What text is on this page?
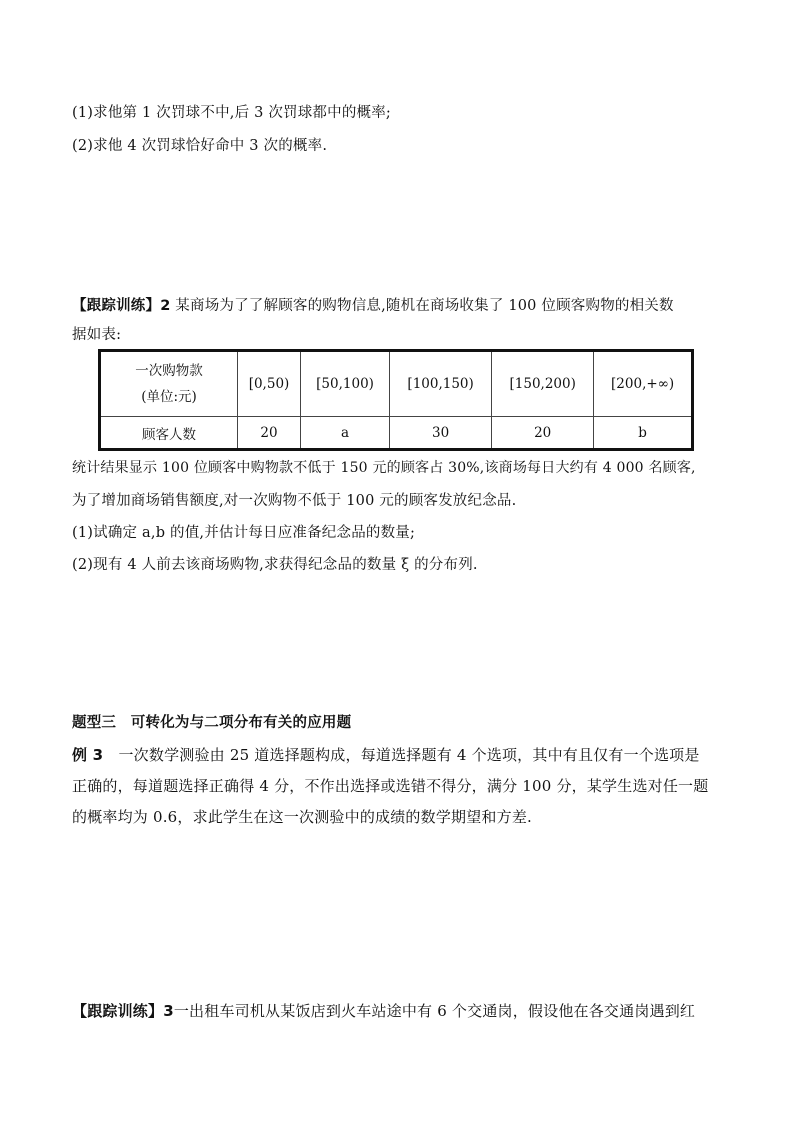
(1)求他第 1 次罚球不中,后 3 次罚球都中的概率;
(2)求他 4 次罚球恰好命中 3 次的概率.
【跟踪训练】2 某商场为了了解顾客的购物信息,随机在商场收集了 100 位顾客购物的相关数
据如表:
一次购物款
(单位:元)	[0,50)	[50,100)	[100,150)	[150,200)	[200,+∞)
顾客人数	20	a	30	20	b
统计结果显示 100 位顾客中购物款不低于 150 元的顾客占 30%,该商场每日大约有 4 000 名顾客,
为了增加商场销售额度,对一次购物不低于 100 元的顾客发放纪念品.
(1)试确定 a,b 的值,并估计每日应准备纪念品的数量;
(2)现有 4 人前去该商场购物,求获得纪念品的数量 ξ 的分布列.
题型三　可转化为与二项分布有关的应用题
例 3　一次数学测验由 25 道选择题构成，每道选择题有 4 个选项，其中有且仅有一个选项是
正确的，每道题选择正确得 4 分，不作出选择或选错不得分，满分 100 分，某学生选对任一题
的概率均为 0.6，求此学生在这一次测验中的成绩的数学期望和方差.
【跟踪训练】3一出租车司机从某饭店到火车站途中有 6 个交通岗，假设他在各交通岗遇到红
